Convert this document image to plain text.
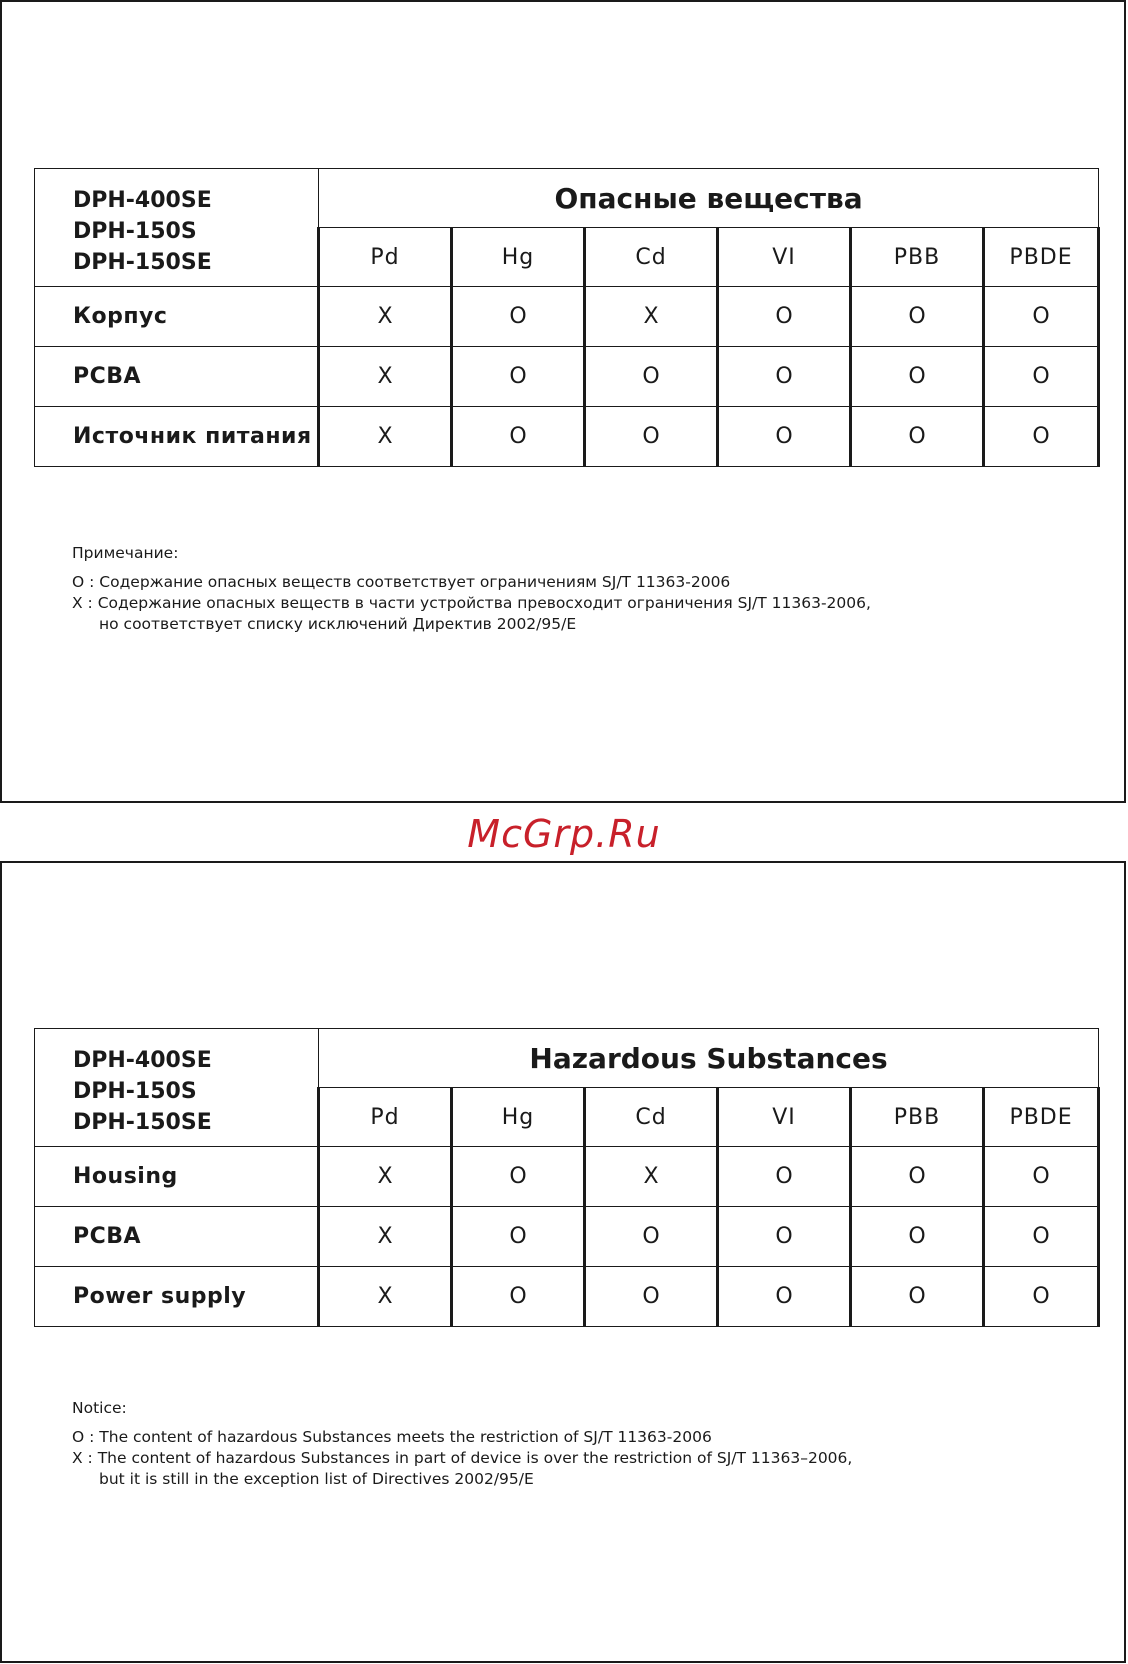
DPH-400SE
DPH-150S
DPH-150SE	Опасные вещества					
	Pd	Hg	Cd	VI	PBB	PBDE
Корпус	X	O	X	O	O	O
PCBA	X	O	O	O	O	O
Источник питания	X	O	O	O	O	O
Примечание:
O : Содержание опасных веществ соответствует ограничениям SJ/T 11363-2006
X : Содержание опасных веществ в части устройства превосходит ограничения SJ/T 11363-2006,
но соответствует списку исключений Директив 2002/95/E
McGrp.Ru
DPH-400SE
DPH-150S
DPH-150SE	Hazardous Substances					
	Pd	Hg	Cd	VI	PBB	PBDE
Housing	X	O	X	O	O	O
PCBA	X	O	O	O	O	O
Power supply	X	O	O	O	O	O
Notice:
O : The content of hazardous Substances meets the restriction of SJ/T 11363-2006
X : The content of hazardous Substances in part of device is over the restriction of SJ/T 11363–2006,
but it is still in the exception list of Directives 2002/95/E
